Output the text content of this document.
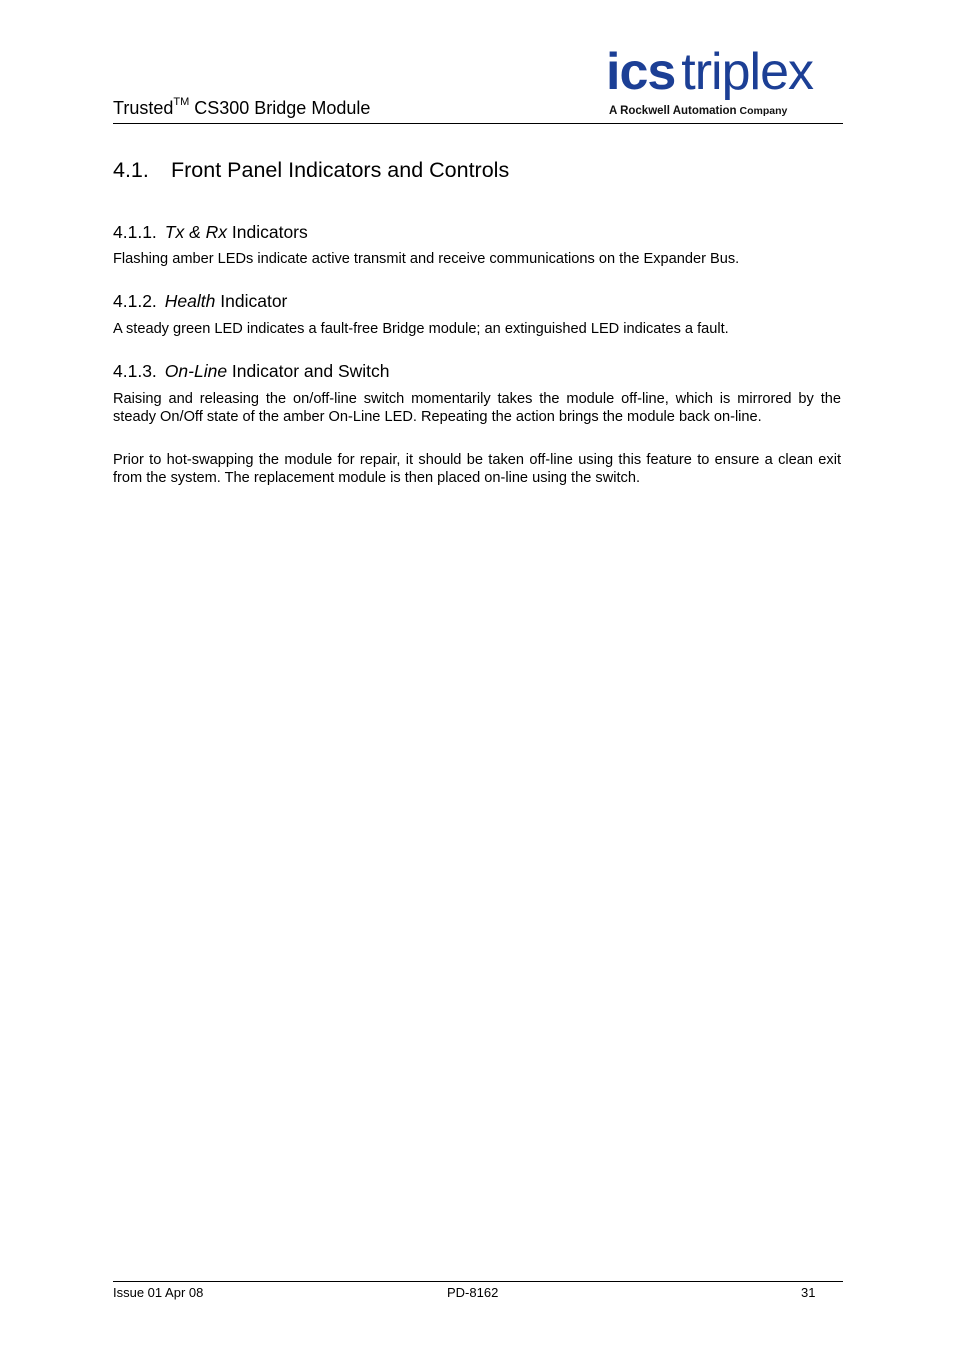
Trusted™ CS300 Bridge Module
ics triplex
A Rockwell Automation Company
4.1. Front Panel Indicators and Controls
4.1.1. Tx & Rx Indicators
Flashing amber LEDs indicate active transmit and receive communications on the Expander Bus.
4.1.2. Health Indicator
A steady green LED indicates a fault-free Bridge module; an extinguished LED indicates a fault.
4.1.3. On-Line Indicator and Switch
Raising and releasing the on/off-line switch momentarily takes the module off-line, which is mirrored by the steady On/Off state of the amber On-Line LED. Repeating the action brings the module back on-line.
Prior to hot-swapping the module for repair, it should be taken off-line using this feature to ensure a clean exit from the system. The replacement module is then placed on-line using the switch.
Issue 01 Apr 08	PD-8162	31
